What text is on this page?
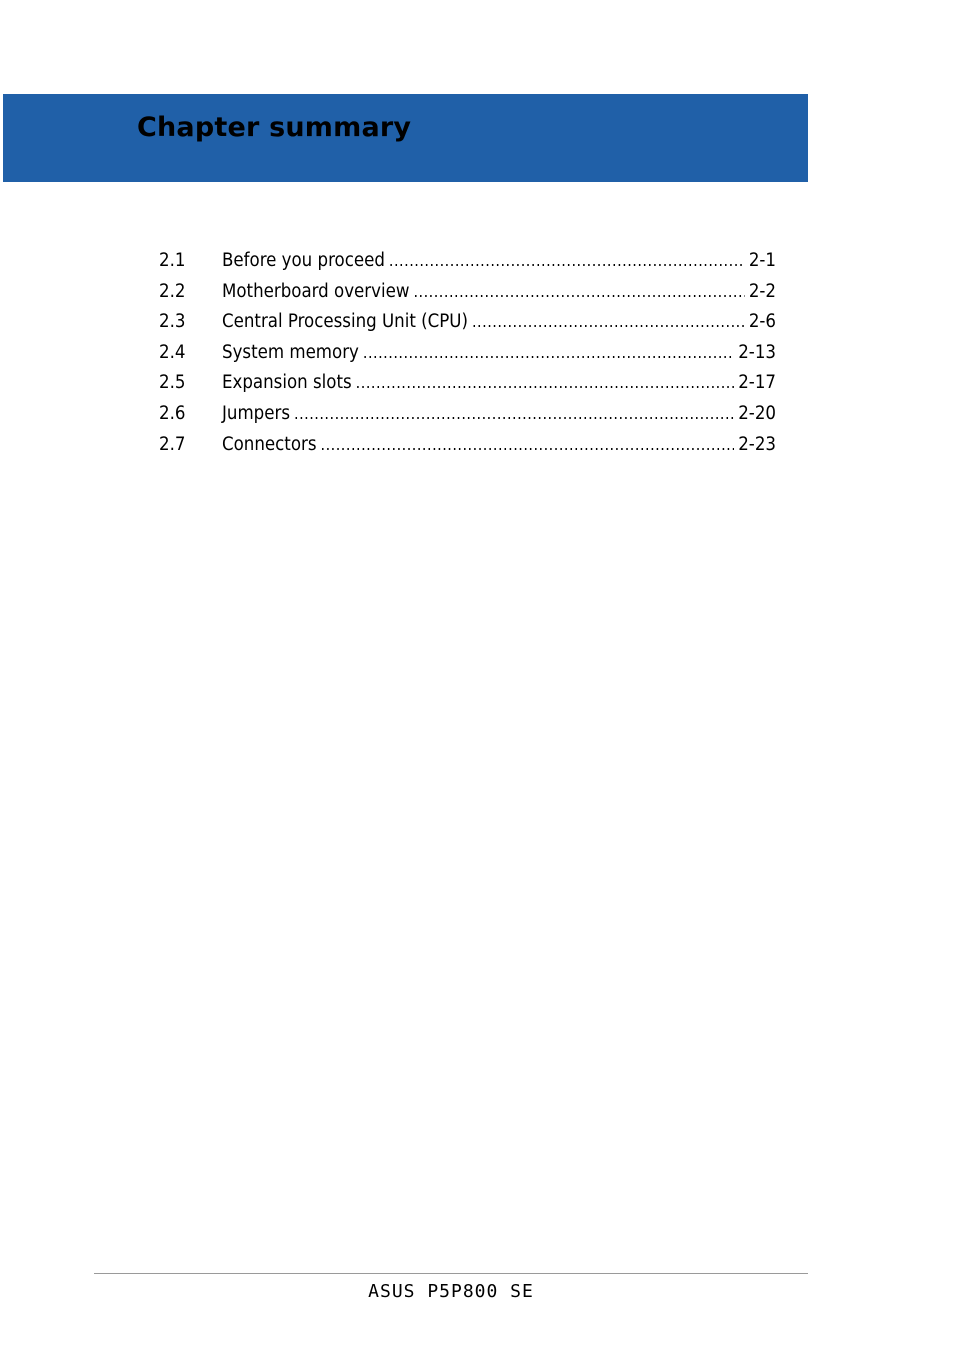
Chapter summary
2.1	Before you proceed .....	2-1
2.2	Motherboard overview .....	2-2
2.3	Central Processing Unit (CPU) .....	2-6
2.4	System memory .....	2-13
2.5	Expansion slots .....	2-17
2.6	Jumpers .....	2-20
2.7	Connectors .....	2-23
ASUS P5P800 SE
